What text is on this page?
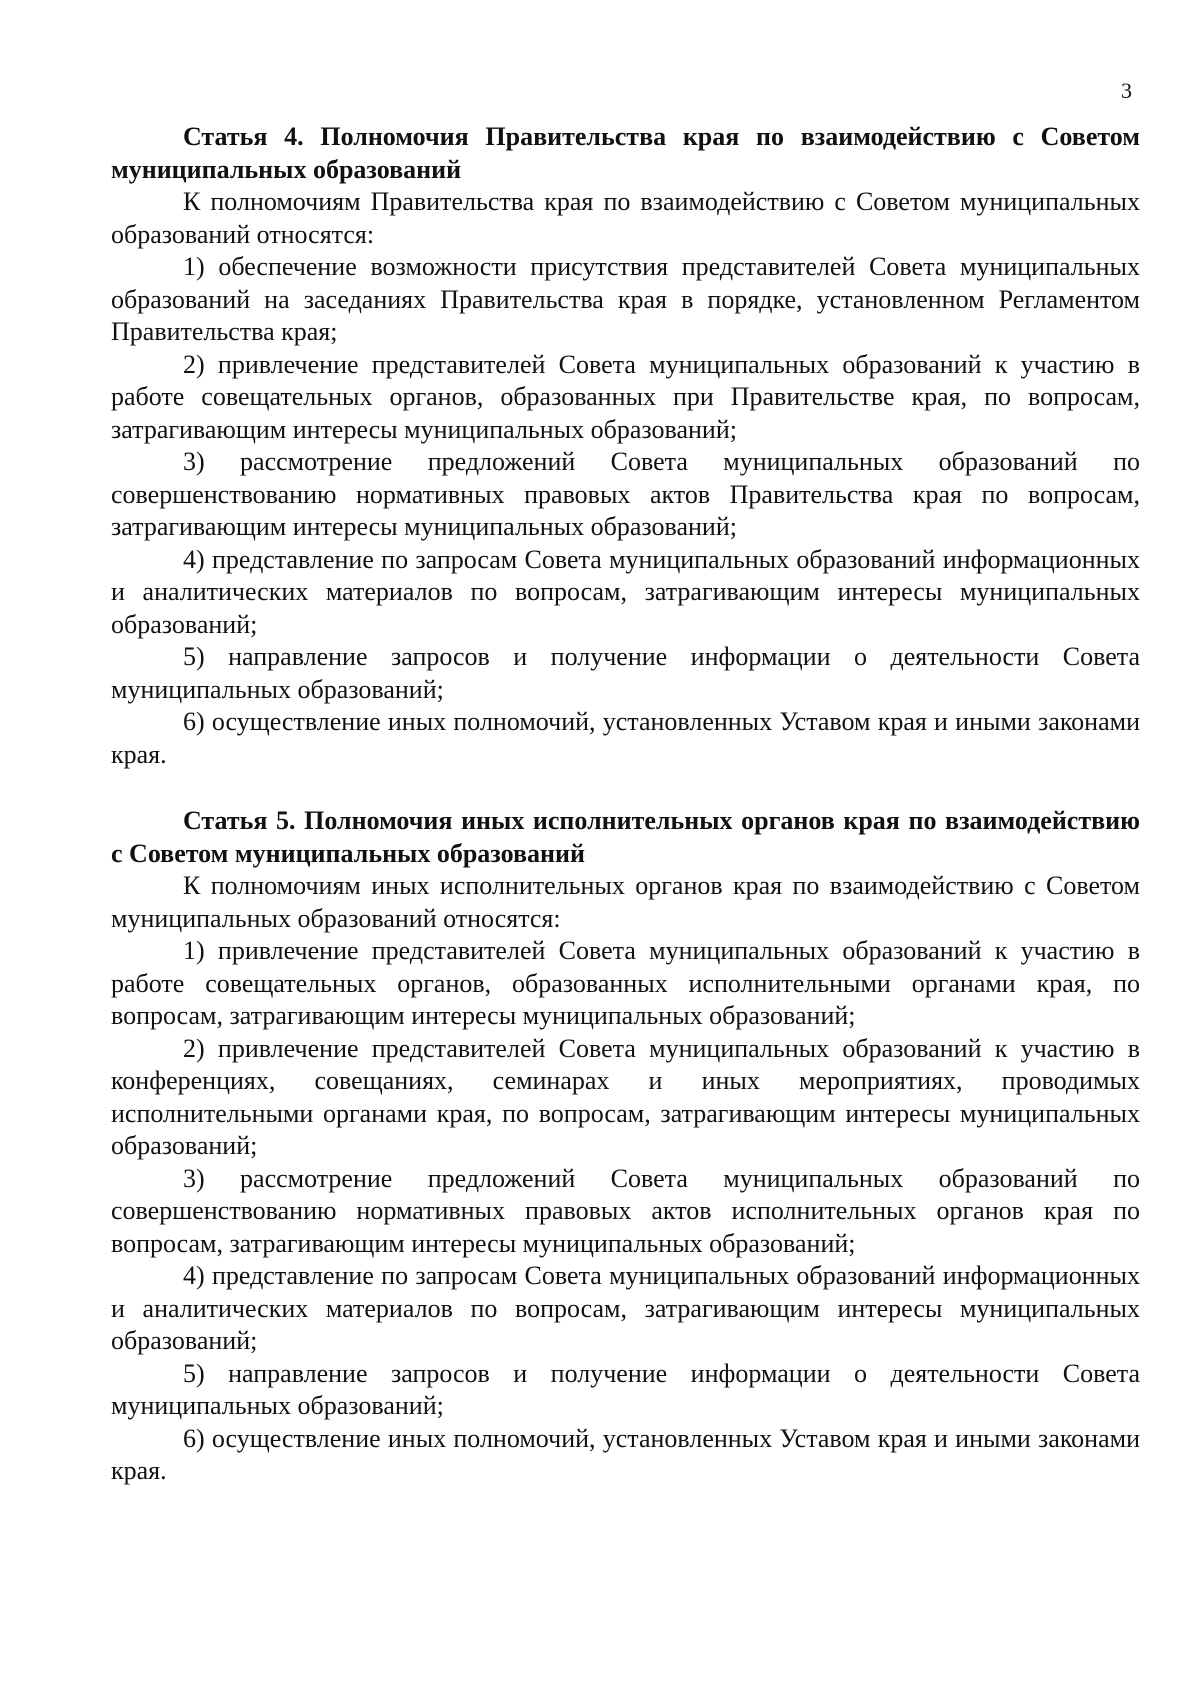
3

Статья 4. Полномочия Правительства края по взаимодействию с Советом муниципальных образований

К полномочиям Правительства края по взаимодействию с Советом муниципальных образований относятся:

1) обеспечение возможности присутствия представителей Совета муниципальных образований на заседаниях Правительства края в порядке, установленном Регламентом Правительства края;

2) привлечение представителей Совета муниципальных образований к участию в работе совещательных органов, образованных при Правительстве края, по вопросам, затрагивающим интересы муниципальных образований;

3) рассмотрение предложений Совета муниципальных образований по совершенствованию нормативных правовых актов Правительства края по вопросам, затрагивающим интересы муниципальных образований;

4) представление по запросам Совета муниципальных образований информационных и аналитических материалов по вопросам, затрагивающим интересы муниципальных образований;

5) направление запросов и получение информации о деятельности Совета муниципальных образований;

6) осуществление иных полномочий, установленных Уставом края и иными законами края.

Статья 5. Полномочия иных исполнительных органов края по взаимодействию с Советом муниципальных образований

К полномочиям иных исполнительных органов края по взаимодействию с Советом муниципальных образований относятся:

1) привлечение представителей Совета муниципальных образований к участию в работе совещательных органов, образованных исполнительными органами края, по вопросам, затрагивающим интересы муниципальных образований;

2) привлечение представителей Совета муниципальных образований к участию в конференциях, совещаниях, семинарах и иных мероприятиях, проводимых исполнительными органами края, по вопросам, затрагивающим интересы муниципальных образований;

3) рассмотрение предложений Совета муниципальных образований по совершенствованию нормативных правовых актов исполнительных органов края по вопросам, затрагивающим интересы муниципальных образований;

4) представление по запросам Совета муниципальных образований информационных и аналитических материалов по вопросам, затрагивающим интересы муниципальных образований;

5) направление запросов и получение информации о деятельности Совета муниципальных образований;

6) осуществление иных полномочий, установленных Уставом края и иными законами края.
